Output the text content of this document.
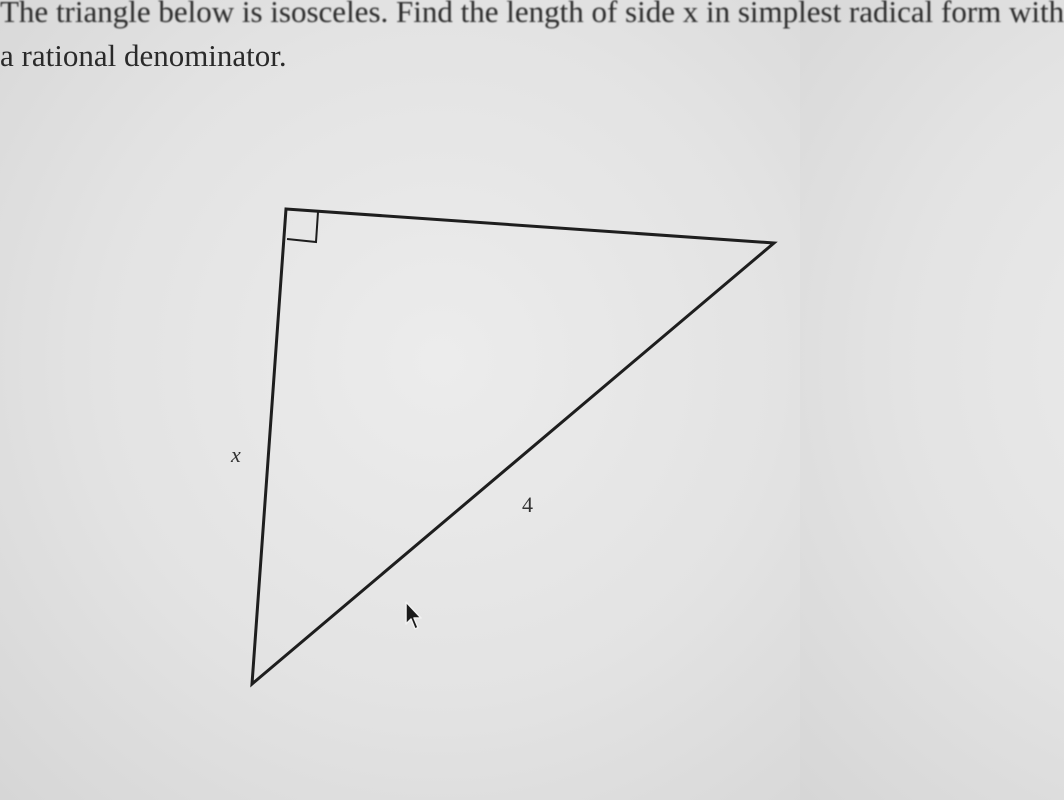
The triangle below is isosceles. Find the length of side x in simplest radical form with
a rational denominator.
x
4
